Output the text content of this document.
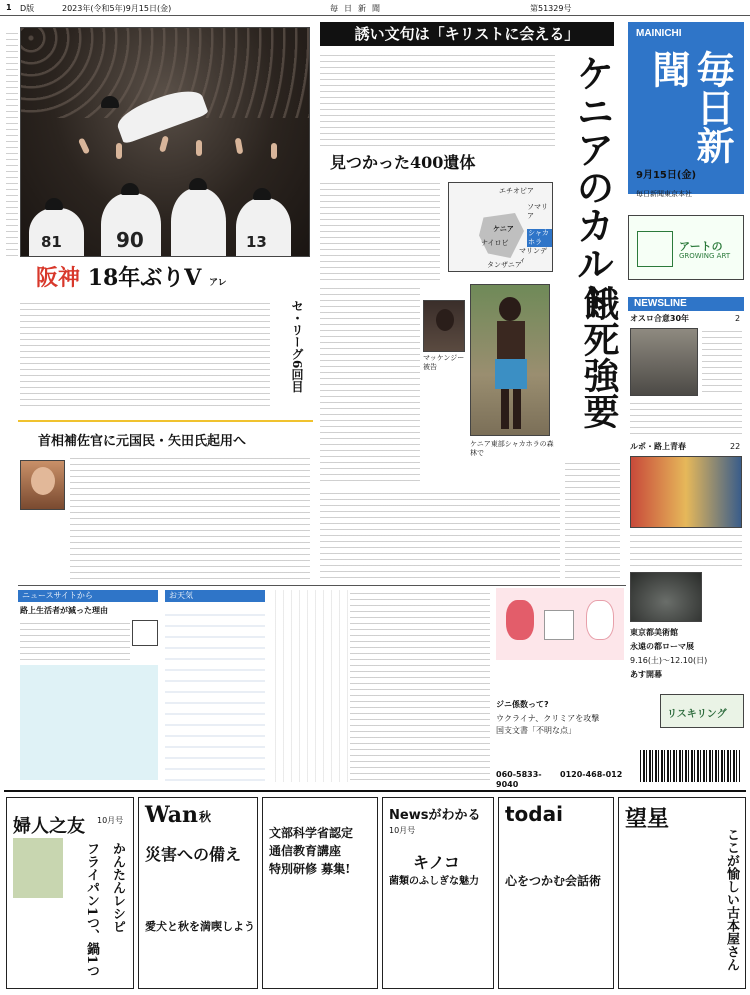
1 D版	2023年(令和5年)9月15日(金)	毎日新聞	第51329号
81	90	13
阪神 18年ぶりV アレ
セ・リーグ6回目
誘い文句は「キリストに会える」
見つかった400遺体
エチオピア
ケニア
ナイロビ
ソマリア
タンザニア
シャカホラ
マリンディ
マッケンジー被告
ケニア東部シャカホラの森林で
ケニアのカルト
餓死強要
首相補佐官に元国民・矢田氏起用へ
MAINICHI
毎日新聞
9月15日(金)
毎日新聞東京本社
アートの
GROWING ART
NEWSLINE
オスロ合意30年	2
ルポ・路上青春	22
東京都美術館
永遠の都ローマ展
9.16(土)〜12.10(日)
あす開幕
リスキリング
ニュースサイトから
路上生活者が減った理由
お天気
ジニ係数って?
ウクライナ、クリミアを攻撃
国支文書「不明な点」
060-5833-9040
0120-468-012
婦人之友 10月号
フライパン1つ、鍋1つ かんたんレシピ
Wan 秋
災害への備え
愛犬と秋を満喫しよう
文部科学省認定
通信教育講座
特別研修 募集!
Newsがわかる
10月号
キノコ
菌類のふしぎな魅力
todai
心をつかむ会話術
望星
ここが愉しい古本屋さん
